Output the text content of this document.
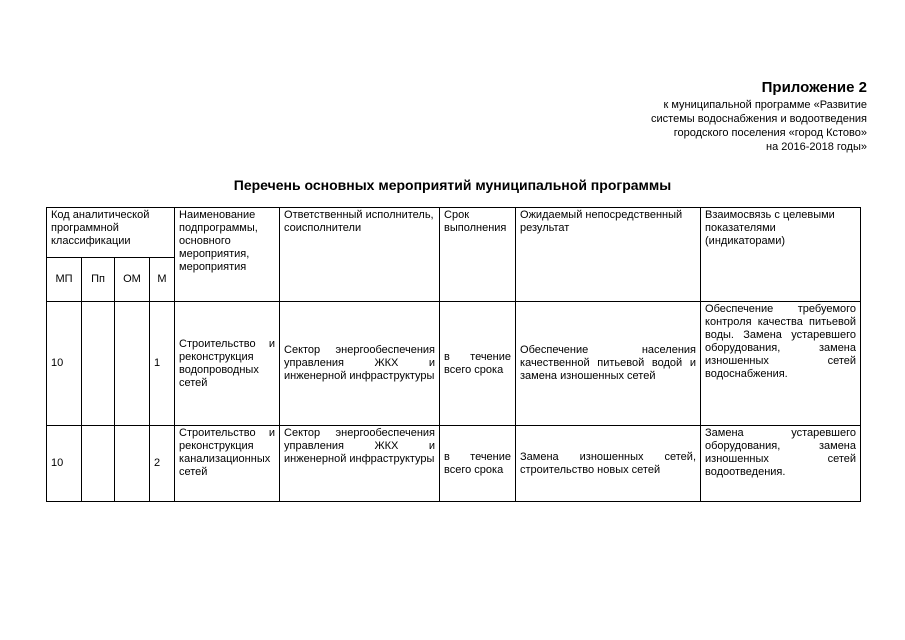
Приложение 2
к муниципальной программе «Развитие
системы водоснабжения и водоотведения
городского поселения «город Кстово»
на 2016-2018 годы»
Перечень основных мероприятий муниципальной программы
Код аналитической программной классификации				Наименование подпрограммы, основного мероприятия, мероприятия	Ответственный исполнитель, соисполнители	Срок выполнения	Ожидаемый непосредственный результат	Взаимосвязь с целевыми показателями (индикаторами)
МП	Пп	ОМ	М					
10			1	Строительство и реконструкция водопроводных сетей	Сектор энергообеспечения управления ЖКХ и инженерной инфраструктуры	в течение всего срока	Обеспечение населения качественной питьевой водой и замена изношенных сетей	Обеспечение требуемого контроля качества питьевой воды. Замена устаревшего оборудования, замена изношенных сетей водоснабжения.
10			2	Строительство и реконструкция канализационных сетей	Сектор энергообеспечения управления ЖКХ и инженерной инфраструктуры	в течение всего срока	Замена изношенных сетей, строительство новых сетей	Замена устаревшего оборудования, замена изношенных сетей водоотведения.
